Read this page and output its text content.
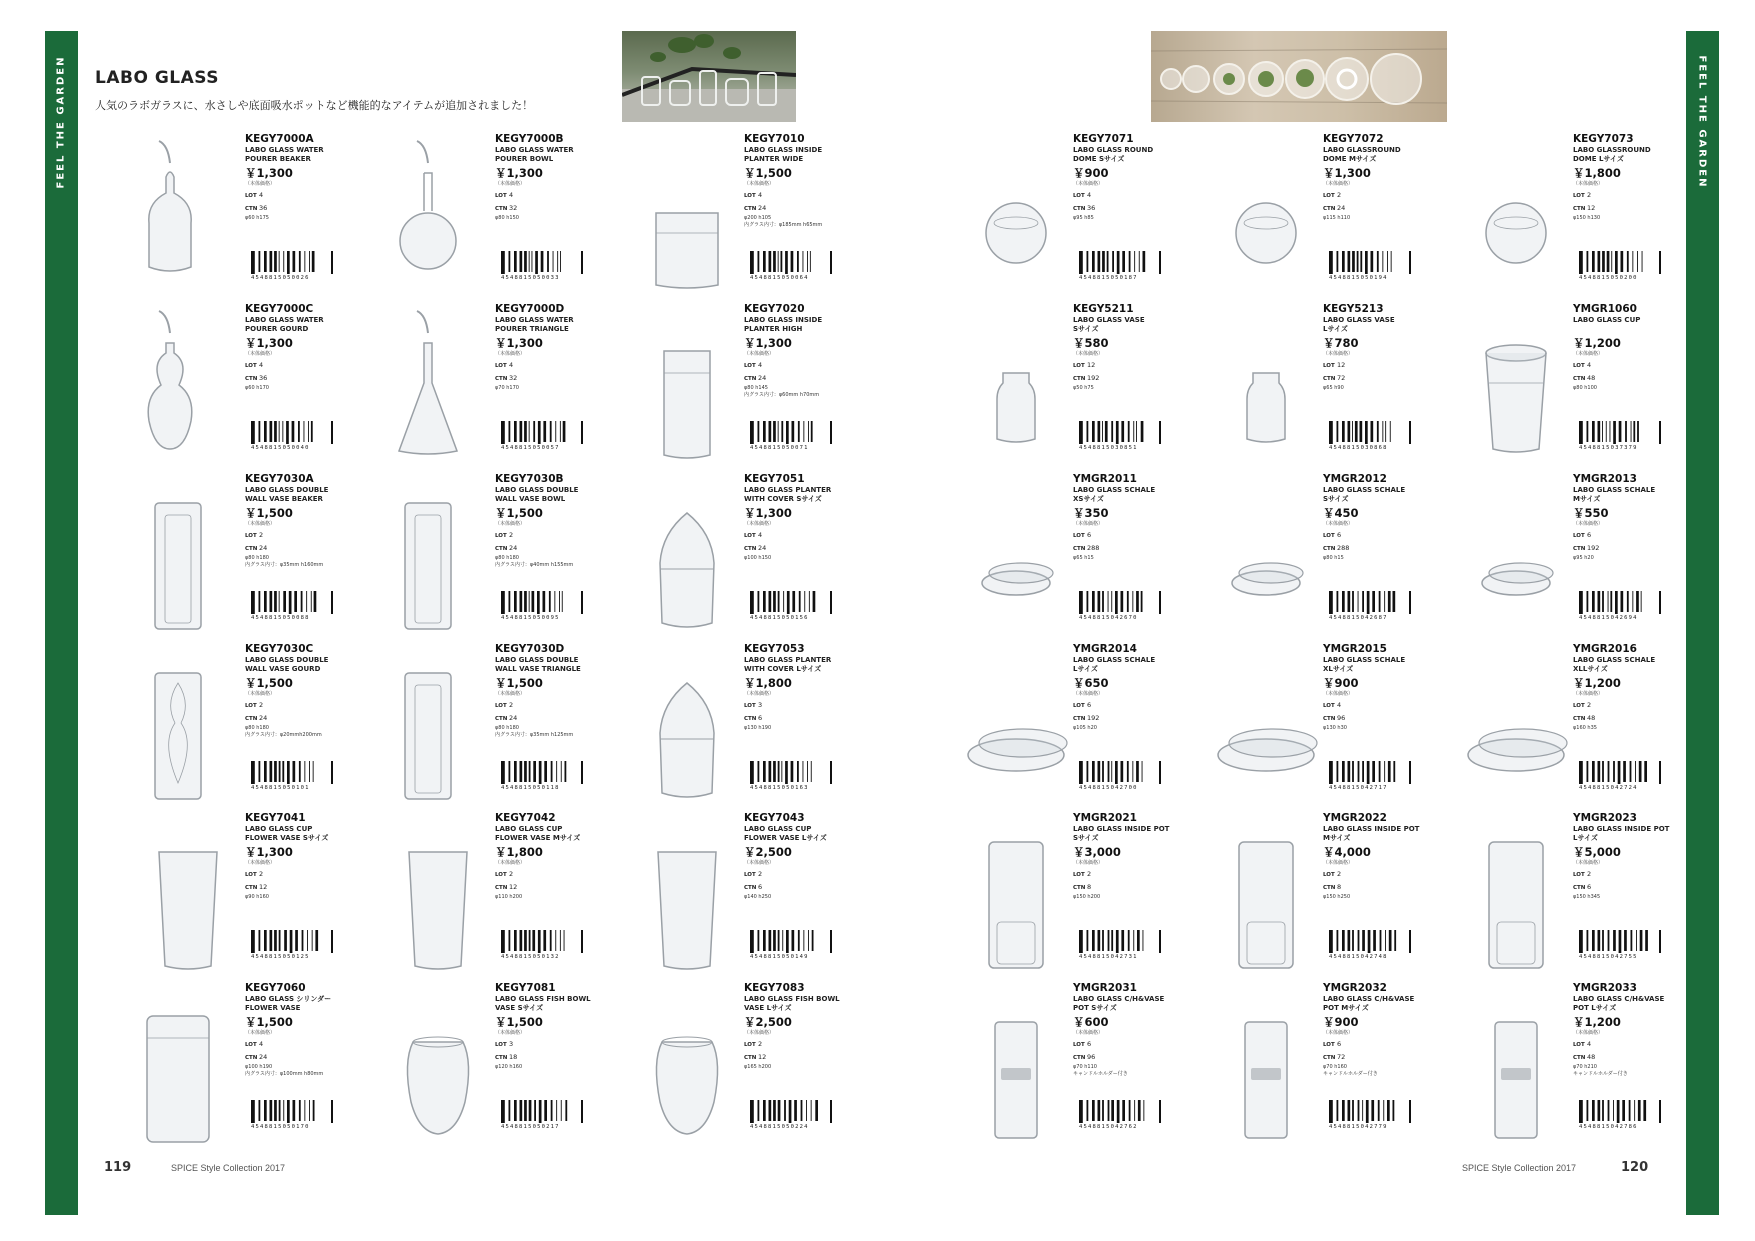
FEEL THE GARDEN	FEEL THE GARDEN
LABO GLASS
人気のラボガラスに、水さしや底面吸水ポットなど機能的なアイテムが追加されました！
KEGY7000A
LABO GLASS WATER
POURER BEAKER
￥1,300
（本体価格）
LOT 4
CTN 36
φ60 h175
4548815050026
KEGY7000B
LABO GLASS WATER
POURER BOWL
￥1,300
（本体価格）
LOT 4
CTN 32
φ80 h150
4548815050033
KEGY7010
LABO GLASS INSIDE
PLANTER WIDE
￥1,500
（本体価格）
LOT 4
CTN 24
φ200 h105
内グラス内寸：φ185mm h65mm
4548815050064
KEGY7000C
LABO GLASS WATER
POURER GOURD
￥1,300
（本体価格）
LOT 4
CTN 36
φ60 h170
4548815050040
KEGY7000D
LABO GLASS WATER
POURER TRIANGLE
￥1,300
（本体価格）
LOT 4
CTN 32
φ70 h170
4548815050057
KEGY7020
LABO GLASS INSIDE
PLANTER HIGH
￥1,300
（本体価格）
LOT 4
CTN 24
φ80 h145
内グラス内寸：φ60mm h70mm
4548815050071
KEGY7030A
LABO GLASS DOUBLE
WALL VASE BEAKER
￥1,500
（本体価格）
LOT 2
CTN 24
φ80 h180
内グラス内寸：φ35mm h160mm
4548815050088
KEGY7030B
LABO GLASS DOUBLE
WALL VASE BOWL
￥1,500
（本体価格）
LOT 2
CTN 24
φ80 h180
内グラス内寸：φ40mm h155mm
4548815050095
KEGY7051
LABO GLASS PLANTER
WITH COVER Sサイズ
￥1,300
（本体価格）
LOT 4
CTN 24
φ100 h150
4548815050156
KEGY7030C
LABO GLASS DOUBLE
WALL VASE GOURD
￥1,500
（本体価格）
LOT 2
CTN 24
φ80 h180
内グラス内寸：φ20mmh200mm
4548815050101
KEGY7030D
LABO GLASS DOUBLE
WALL VASE TRIANGLE
￥1,500
（本体価格）
LOT 2
CTN 24
φ80 h180
内グラス内寸：φ35mm h125mm
4548815050118
KEGY7053
LABO GLASS PLANTER
WITH COVER Lサイズ
￥1,800
（本体価格）
LOT 3
CTN 6
φ130 h190
4548815050163
KEGY7041
LABO GLASS CUP
FLOWER VASE Sサイズ
￥1,300
（本体価格）
LOT 2
CTN 12
φ90 h160
4548815050125
KEGY7042
LABO GLASS CUP
FLOWER VASE Mサイズ
￥1,800
（本体価格）
LOT 2
CTN 12
φ110 h200
4548815050132
KEGY7043
LABO GLASS CUP
FLOWER VASE Lサイズ
￥2,500
（本体価格）
LOT 2
CTN 6
φ140 h250
4548815050149
KEGY7060
LABO GLASS シリンダー
FLOWER VASE
￥1,500
（本体価格）
LOT 4
CTN 24
φ100 h190
内グラス内寸：φ100mm h80mm
4548815050170
KEGY7081
LABO GLASS FISH BOWL
VASE Sサイズ
￥1,500
（本体価格）
LOT 3
CTN 18
φ120 h160
4548815050217
KEGY7083
LABO GLASS FISH BOWL
VASE Lサイズ
￥2,500
（本体価格）
LOT 2
CTN 12
φ165 h200
4548815050224
KEGY7071
LABO GLASS ROUND
DOME Sサイズ
￥900
（本体価格）
LOT 4
CTN 36
φ95 h85
4548815050187
KEGY7072
LABO GLASSROUND
DOME Mサイズ
￥1,300
（本体価格）
LOT 2
CTN 24
φ115 h110
4548815050194
KEGY7073
LABO GLASSROUND
DOME Lサイズ
￥1,800
（本体価格）
LOT 2
CTN 12
φ150 h130
4548815050200
KEGY5211
LABO GLASS VASE
Sサイズ
￥580
（本体価格）
LOT 12
CTN 192
φ50 h75
4548815030851
KEGY5213
LABO GLASS VASE
Lサイズ
￥780
（本体価格）
LOT 12
CTN 72
φ65 h90
4548815030868
YMGR1060
LABO GLASS CUP
￥1,200
（本体価格）
LOT 4
CTN 48
φ80 h100
4548815037379
YMGR2011
LABO GLASS SCHALE
XSサイズ
￥350
（本体価格）
LOT 6
CTN 288
φ65 h15
4548815042670
YMGR2012
LABO GLASS SCHALE
Sサイズ
￥450
（本体価格）
LOT 6
CTN 288
φ80 h15
4548815042687
YMGR2013
LABO GLASS SCHALE
Mサイズ
￥550
（本体価格）
LOT 6
CTN 192
φ95 h20
4548815042694
YMGR2014
LABO GLASS SCHALE
Lサイズ
￥650
（本体価格）
LOT 6
CTN 192
φ105 h20
4548815042700
YMGR2015
LABO GLASS SCHALE
XLサイズ
￥900
（本体価格）
LOT 4
CTN 96
φ130 h30
4548815042717
YMGR2016
LABO GLASS SCHALE
XLLサイズ
￥1,200
（本体価格）
LOT 2
CTN 48
φ160 h35
4548815042724
YMGR2021
LABO GLASS INSIDE POT
Sサイズ
￥3,000
（本体価格）
LOT 2
CTN 8
φ150 h200
4548815042731
YMGR2022
LABO GLASS INSIDE POT
Mサイズ
￥4,000
（本体価格）
LOT 2
CTN 8
φ150 h250
4548815042748
YMGR2023
LABO GLASS INSIDE POT
Lサイズ
￥5,000
（本体価格）
LOT 2
CTN 6
φ150 h345
4548815042755
YMGR2031
LABO GLASS C/H&VASE
POT Sサイズ
￥600
（本体価格）
LOT 6
CTN 96
φ70 h110
キャンドルホルダー付き
4548815042762
YMGR2032
LABO GLASS C/H&VASE
POT Mサイズ
￥900
（本体価格）
LOT 6
CTN 72
φ70 h160
キャンドルホルダー付き
4548815042779
YMGR2033
LABO GLASS C/H&VASE
POT Lサイズ
￥1,200
（本体価格）
LOT 4
CTN 48
φ70 h210
キャンドルホルダー付き
4548815042786
119	SPICE Style Collection 2017	SPICE Style Collection 2017	120
